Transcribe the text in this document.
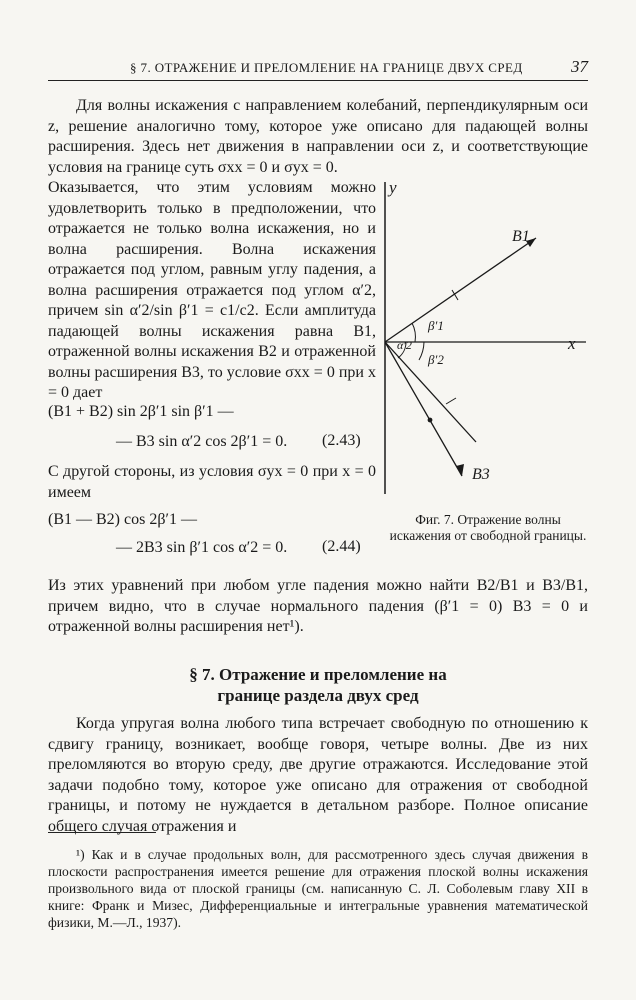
§ 7. ОТРАЖЕНИЕ И ПРЕЛОМЛЕНИЕ НА ГРАНИЦЕ ДВУХ СРЕД	37

Для волны искажения с направлением колебаний, перпендикулярным оси z, решение аналогично тому, которое уже описано для падающей волны расширения. Здесь нет движения в направлении оси z, и соответствующие условия на границе суть σxx = 0 и σyx = 0.

Оказывается, что этим условиям можно удовлетворить только в предположении, что отражается не только волна искажения, но и волна расширения. Волна искажения отражается под углом, равным углу падения, а волна расширения отражается под углом α′2, причем sin α′2/sin β′1 = c1/c2. Если амплитуда падающей волны искажения равна B1, отраженной волны искажения B2 и отраженной волны расширения B3, то условие σxx = 0 при x = 0 дает

(B1 + B2) sin 2β′1 sin β′1 —
— B3 sin α′2 cos 2β′1 = 0. (2.43)

С другой стороны, из условия σyx = 0 при x = 0 имеем

(B1 — B2) cos 2β′1 —
— 2B3 sin β′1 cos α′2 = 0. (2.44)
y
x
B1
B3
β′1
β′2
α′2
Фиг. 7. Отражение волны искажения от свободной границы.

Из этих уравнений при любом угле падения можно найти B2/B1 и B3/B1, причем видно, что в случае нормального падения (β′1 = 0) B3 = 0 и отраженной волны расширения нет¹).

§ 7. Отражение и преломление на границе раздела двух сред

Когда упругая волна любого типа встречает свободную по отношению к сдвигу границу, возникает, вообще говоря, четыре волны. Две из них преломляются во вторую среду, две другие отражаются. Исследование этой задачи подобно тому, которое уже описано для отражения от свободной границы, и потому не нуждается в детальном разборе. Полное описание общего случая отражения и

¹) Как и в случае продольных волн, для рассмотренного здесь случая движения в плоскости распространения имеется решение для отражения плоской волны искажения произвольного вида от плоской границы (см. написанную С. Л. Соболевым главу XII в книге: Франк и Мизес, Дифференциальные и интегральные уравнения математической физики, М.—Л., 1937).
